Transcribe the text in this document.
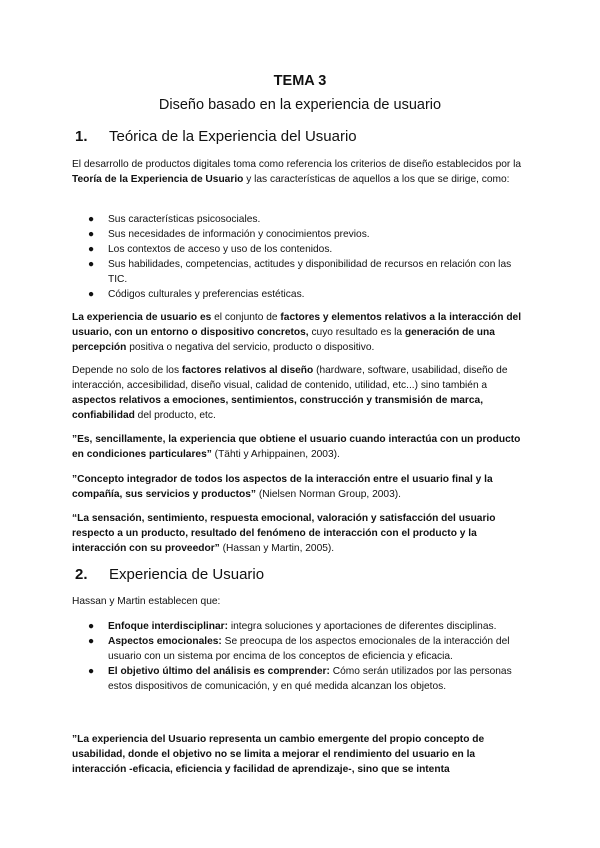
TEMA 3
Diseño basado en la experiencia de usuario
1. Teórica de la Experiencia del Usuario
El desarrollo de productos digitales toma como referencia los criterios de diseño establecidos por la Teoría de la Experiencia de Usuario y las características de aquellos a los que se dirige, como:
● Sus características psicosociales.
● Sus necesidades de información y conocimientos previos.
● Los contextos de acceso y uso de los contenidos.
● Sus habilidades, competencias, actitudes y disponibilidad de recursos en relación con las TIC.
● Códigos culturales y preferencias estéticas.
La experiencia de usuario es el conjunto de factores y elementos relativos a la interacción del usuario, con un entorno o dispositivo concretos, cuyo resultado es la generación de una percepción positiva o negativa del servicio, producto o dispositivo.
Depende no solo de los factores relativos al diseño (hardware, software, usabilidad, diseño de interacción, accesibilidad, diseño visual, calidad de contenido, utilidad, etc...) sino también a aspectos relativos a emociones, sentimientos, construcción y transmisión de marca, confiabilidad del producto, etc.
”Es, sencillamente, la experiencia que obtiene el usuario cuando interactúa con un producto en condiciones particulares” (Tähti y Arhippainen, 2003).
”Concepto integrador de todos los aspectos de la interacción entre el usuario final y la compañía, sus servicios y productos” (Nielsen Norman Group, 2003).
“La sensación, sentimiento, respuesta emocional, valoración y satisfacción del usuario respecto a un producto, resultado del fenómeno de interacción con el producto y la interacción con su proveedor” (Hassan y Martin, 2005).
2. Experiencia de Usuario
Hassan y Martin establecen que:
● Enfoque interdisciplinar: integra soluciones y aportaciones de diferentes disciplinas.
● Aspectos emocionales: Se preocupa de los aspectos emocionales de la interacción del usuario con un sistema por encima de los conceptos de eficiencia y eficacia.
● El objetivo último del análisis es comprender: Cómo serán utilizados por las personas estos dispositivos de comunicación, y en qué medida alcanzan los objetos.
”La experiencia del Usuario representa un cambio emergente del propio concepto de usabilidad, donde el objetivo no se limita a mejorar el rendimiento del usuario en la interacción -eficacia, eficiencia y facilidad de aprendizaje-, sino que se intenta
